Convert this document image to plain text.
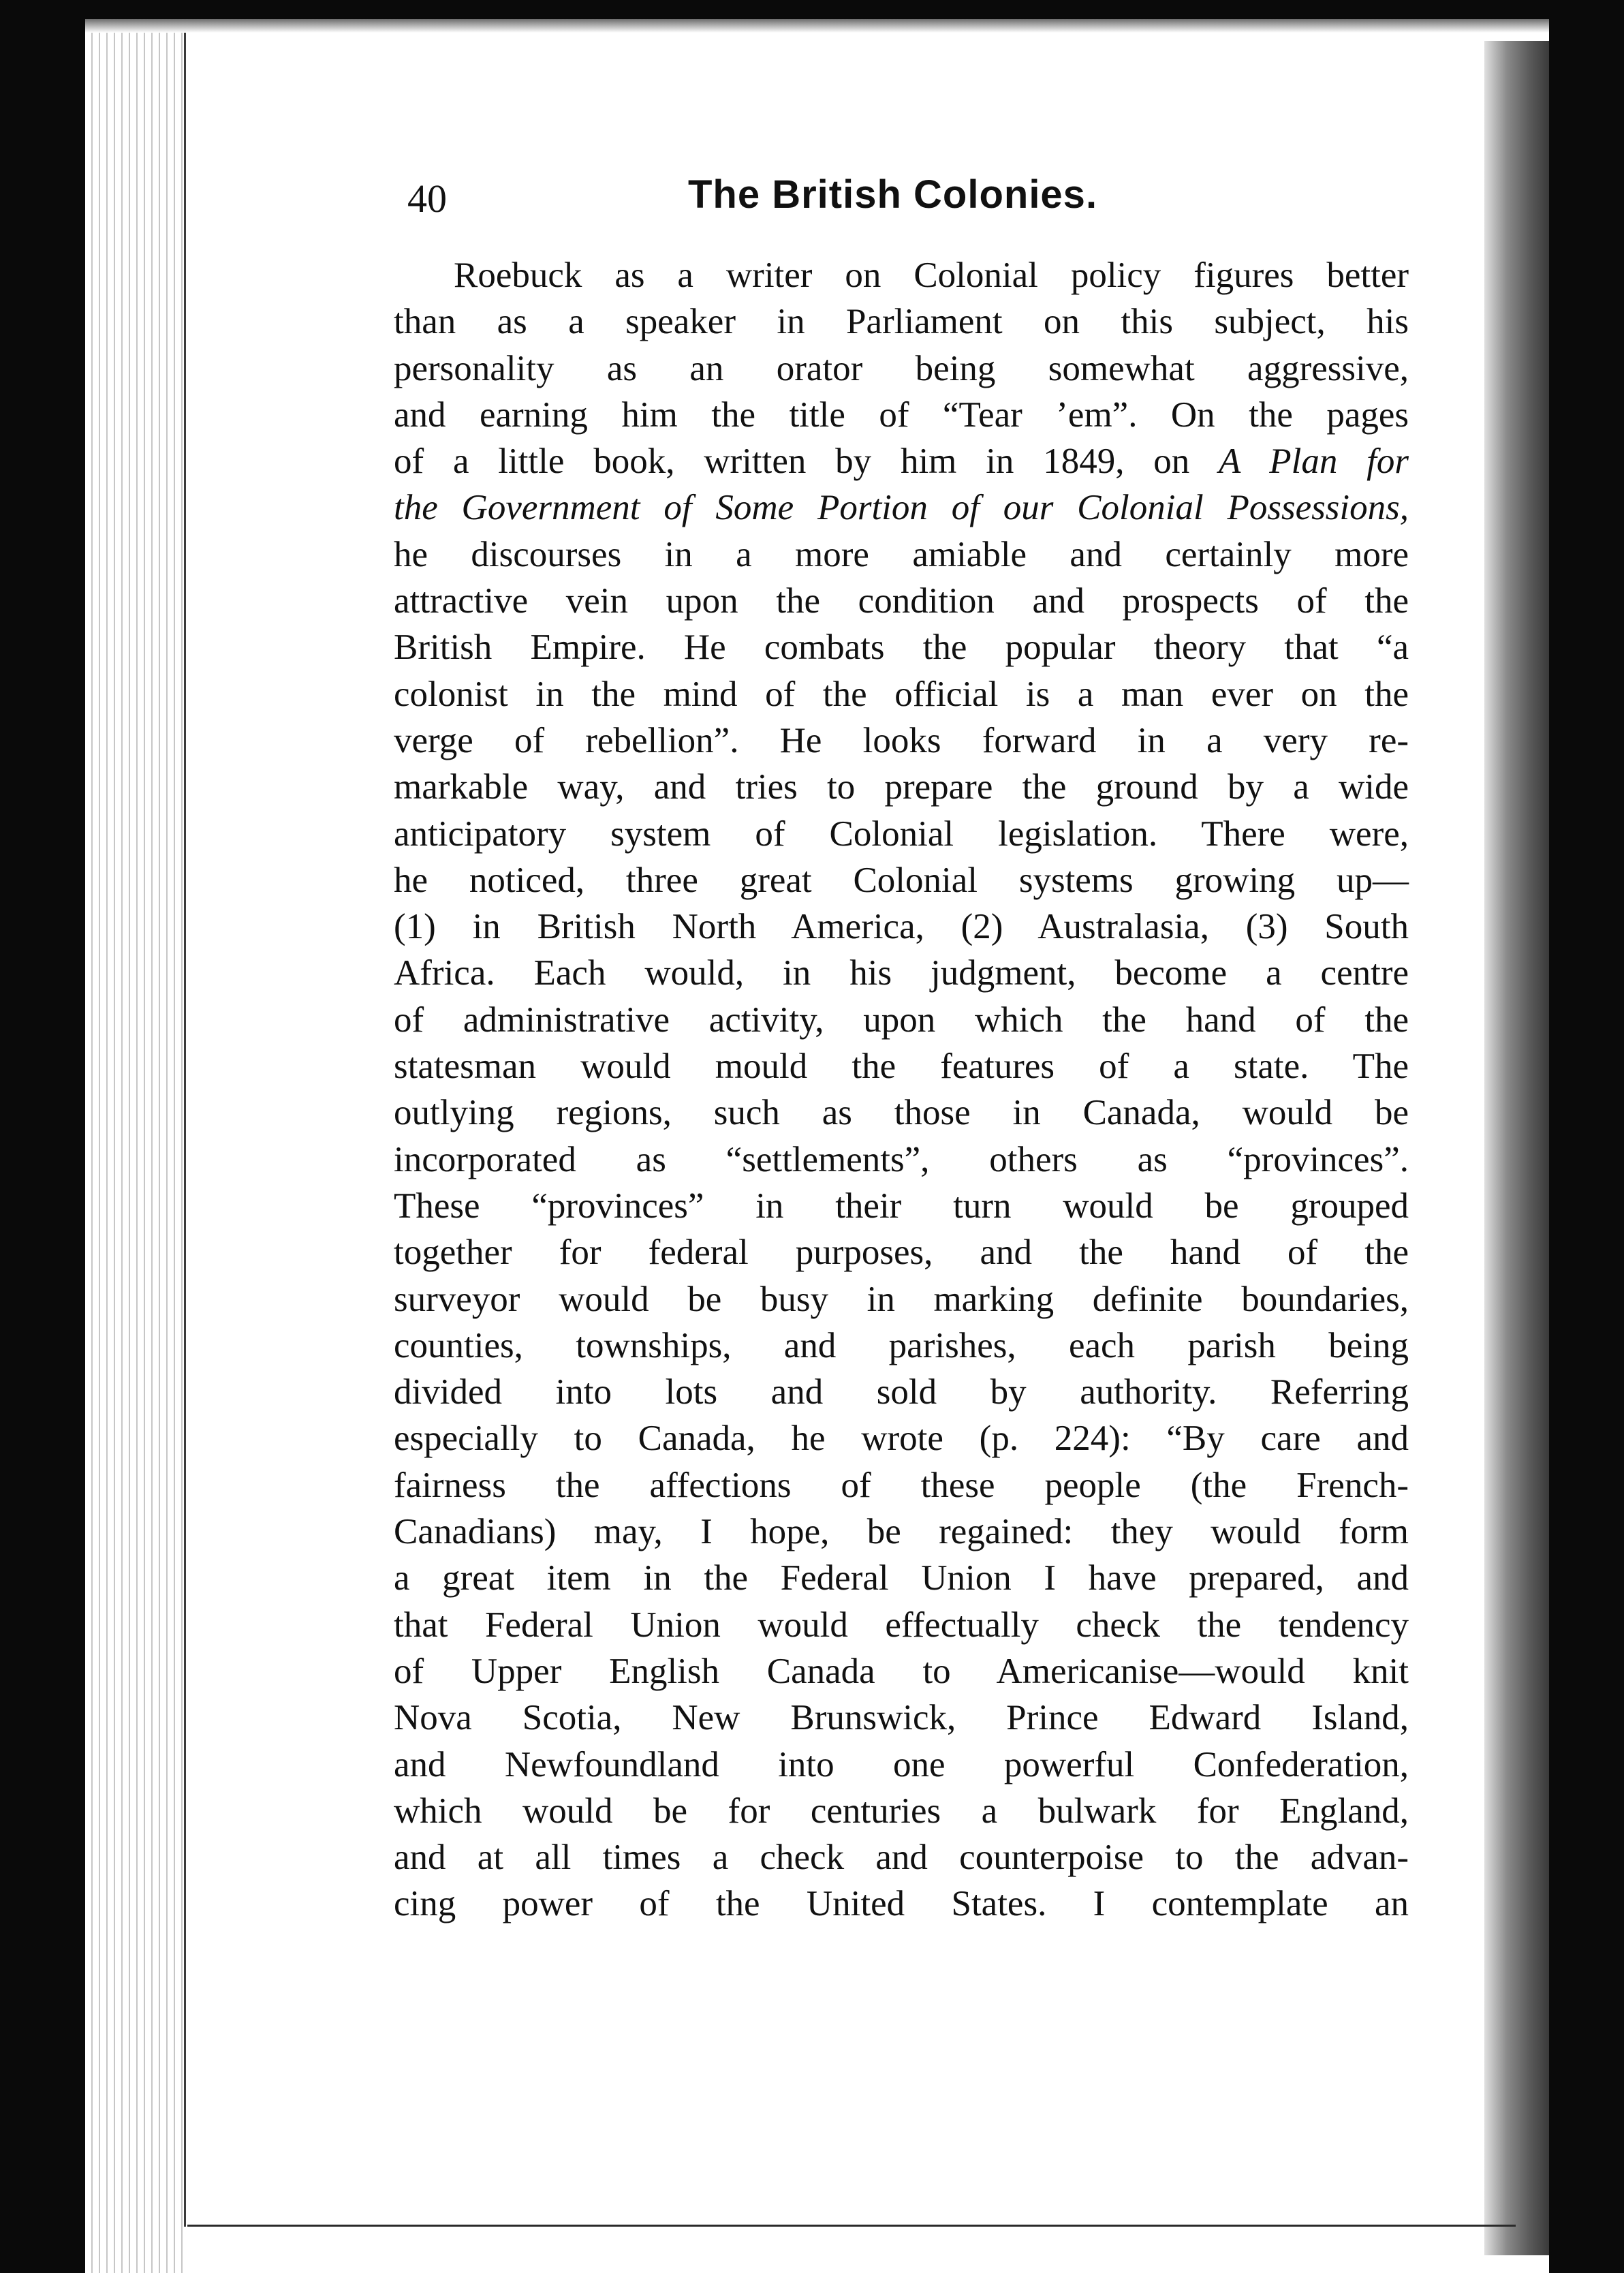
40	The British Colonies.
Roebuck as a writer on Colonial policy figures better
than as a speaker in Parliament on this subject, his
personality as an orator being somewhat aggressive,
and earning him the title of “Tear ’em”. On the pages
of a little book, written by him in 1849, on A Plan for
the Government of Some Portion of our Colonial Possessions,
he discourses in a more amiable and certainly more
attractive vein upon the condition and prospects of the
British Empire. He combats the popular theory that “a
colonist in the mind of the official is a man ever on the
verge of rebellion”. He looks forward in a very re-
markable way, and tries to prepare the ground by a wide
anticipatory system of Colonial legislation. There were,
he noticed, three great Colonial systems growing up—
(1) in British North America, (2) Australasia, (3) South
Africa. Each would, in his judgment, become a centre
of administrative activity, upon which the hand of the
statesman would mould the features of a state. The
outlying regions, such as those in Canada, would be
incorporated as “settlements”, others as “provinces”.
These “provinces” in their turn would be grouped
together for federal purposes, and the hand of the
surveyor would be busy in marking definite boundaries,
counties, townships, and parishes, each parish being
divided into lots and sold by authority. Referring
especially to Canada, he wrote (p. 224): “By care and
fairness the affections of these people (the French-
Canadians) may, I hope, be regained: they would form
a great item in the Federal Union I have prepared, and
that Federal Union would effectually check the tendency
of Upper English Canada to Americanise—would knit
Nova Scotia, New Brunswick, Prince Edward Island,
and Newfoundland into one powerful Confederation,
which would be for centuries a bulwark for England,
and at all times a check and counterpoise to the advan-
cing power of the United States. I contemplate an
